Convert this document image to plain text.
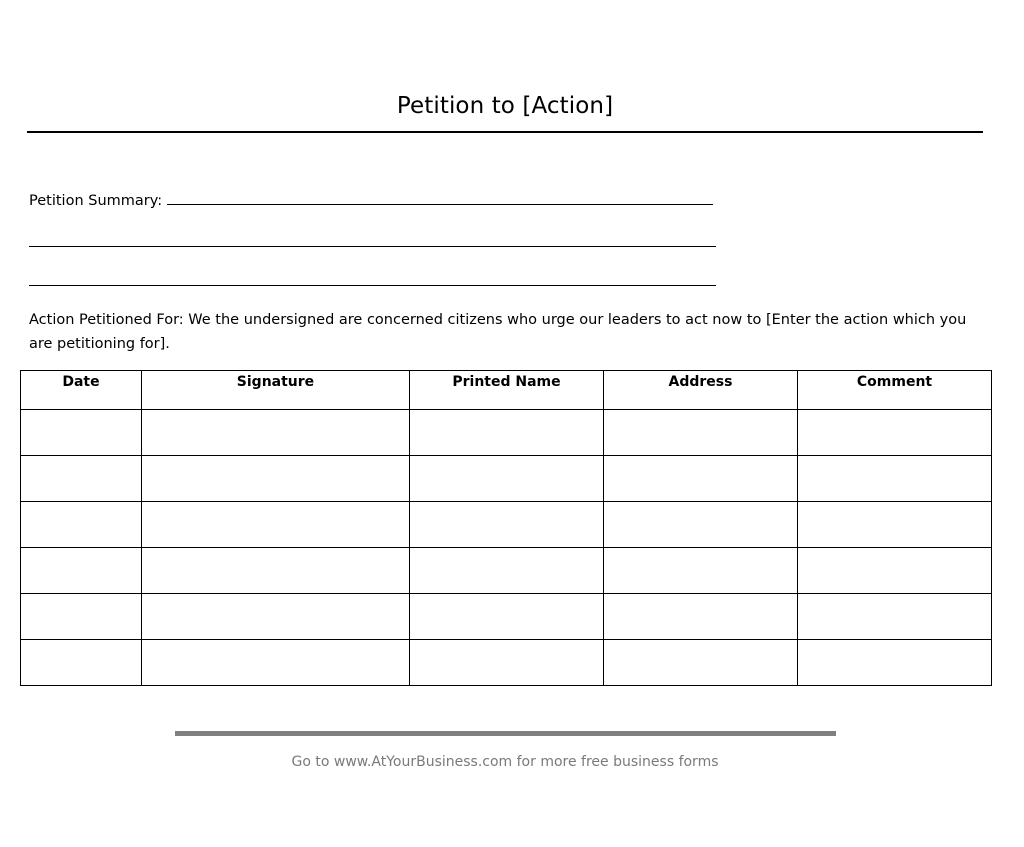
Petition to [Action]
Petition Summary:
Action Petitioned For: We the undersigned are concerned citizens who urge our leaders to act now to [Enter the action which you are petitioning for].
Date	Signature	Printed Name	Address	Comment

Go to www.AtYourBusiness.com for more free business forms
